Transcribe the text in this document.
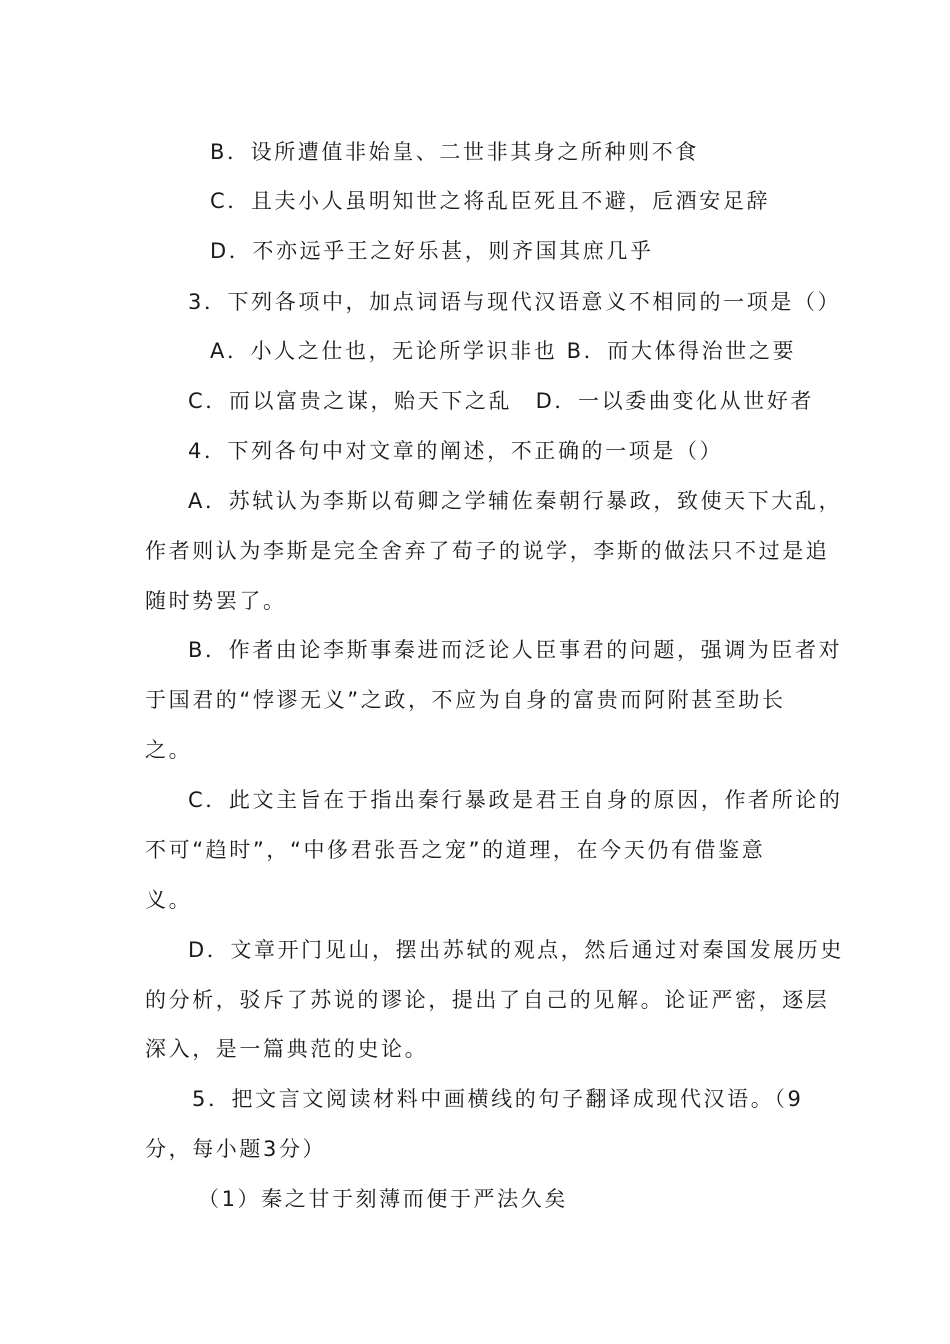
B．设所遭值非始皇、二世非其身之所种则不食
C．且夫小人虽明知世之将乱臣死且不避，卮酒安足辞
D．不亦远乎王之好乐甚，则齐国其庶几乎
3．下列各项中，加点词语与现代汉语意义不相同的一项是（）
A．小人之仕也，无论所学识非也 B．而大体得治世之要
C．而以富贵之谋，贻天下之乱　D．一以委曲变化从世好者
4．下列各句中对文章的阐述，不正确的一项是（）
A．苏轼认为李斯以荀卿之学辅佐秦朝行暴政，致使天下大乱，
作者则认为李斯是完全舍弃了荀子的说学，李斯的做法只不过是追
随时势罢了。
B．作者由论李斯事秦进而泛论人臣事君的问题，强调为臣者对
于国君的“悖谬无义”之政，不应为自身的富贵而阿附甚至助长
之。
C．此文主旨在于指出秦行暴政是君王自身的原因，作者所论的
不可“趋时”，“中侈君张吾之宠”的道理，在今天仍有借鉴意
义。
D．文章开门见山，摆出苏轼的观点，然后通过对秦国发展历史
的分析，驳斥了苏说的谬论，提出了自己的见解。论证严密，逐层
深入，是一篇典范的史论。
5．把文言文阅读材料中画横线的句子翻译成现代汉语。（9
分，每小题3分）
（1）秦之甘于刻薄而便于严法久矣
